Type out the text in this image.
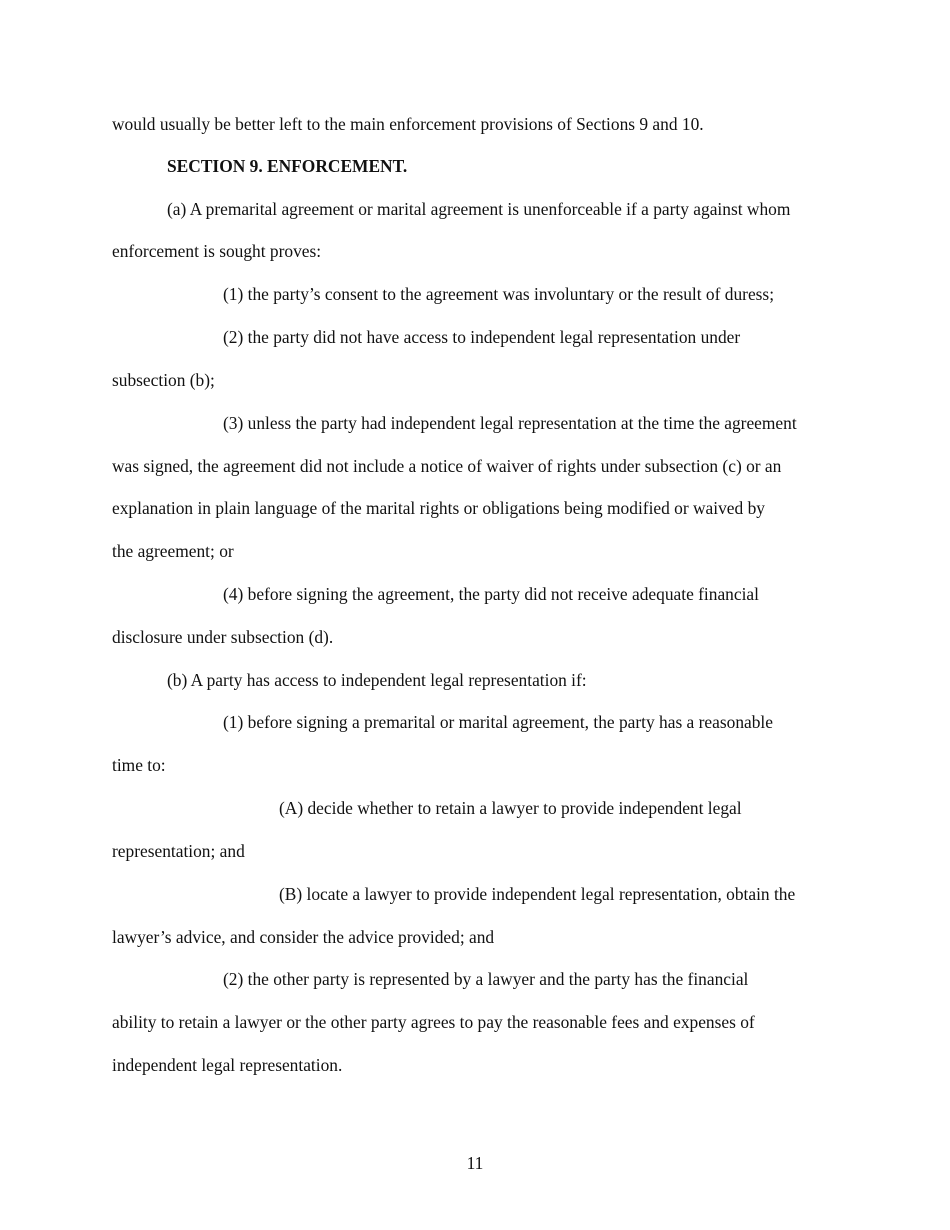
would usually be better left to the main enforcement provisions of Sections 9 and 10.
SECTION 9. ENFORCEMENT.
(a) A premarital agreement or marital agreement is unenforceable if a party against whom
enforcement is sought proves:
(1) the party’s consent to the agreement was involuntary or the result of duress;
(2) the party did not have access to independent legal representation under
subsection (b);
(3) unless the party had independent legal representation at the time the agreement
was signed, the agreement did not include a notice of waiver of rights under subsection (c) or an
explanation in plain language of the marital rights or obligations being modified or waived by
the agreement; or
(4) before signing the agreement, the party did not receive adequate financial
disclosure under subsection (d).
(b) A party has access to independent legal representation if:
(1) before signing a premarital or marital agreement, the party has a reasonable
time to:
(A) decide whether to retain a lawyer to provide independent legal
representation; and
(B) locate a lawyer to provide independent legal representation, obtain the
lawyer’s advice, and consider the advice provided; and
(2) the other party is represented by a lawyer and the party has the financial
ability to retain a lawyer or the other party agrees to pay the reasonable fees and expenses of
independent legal representation.
11
